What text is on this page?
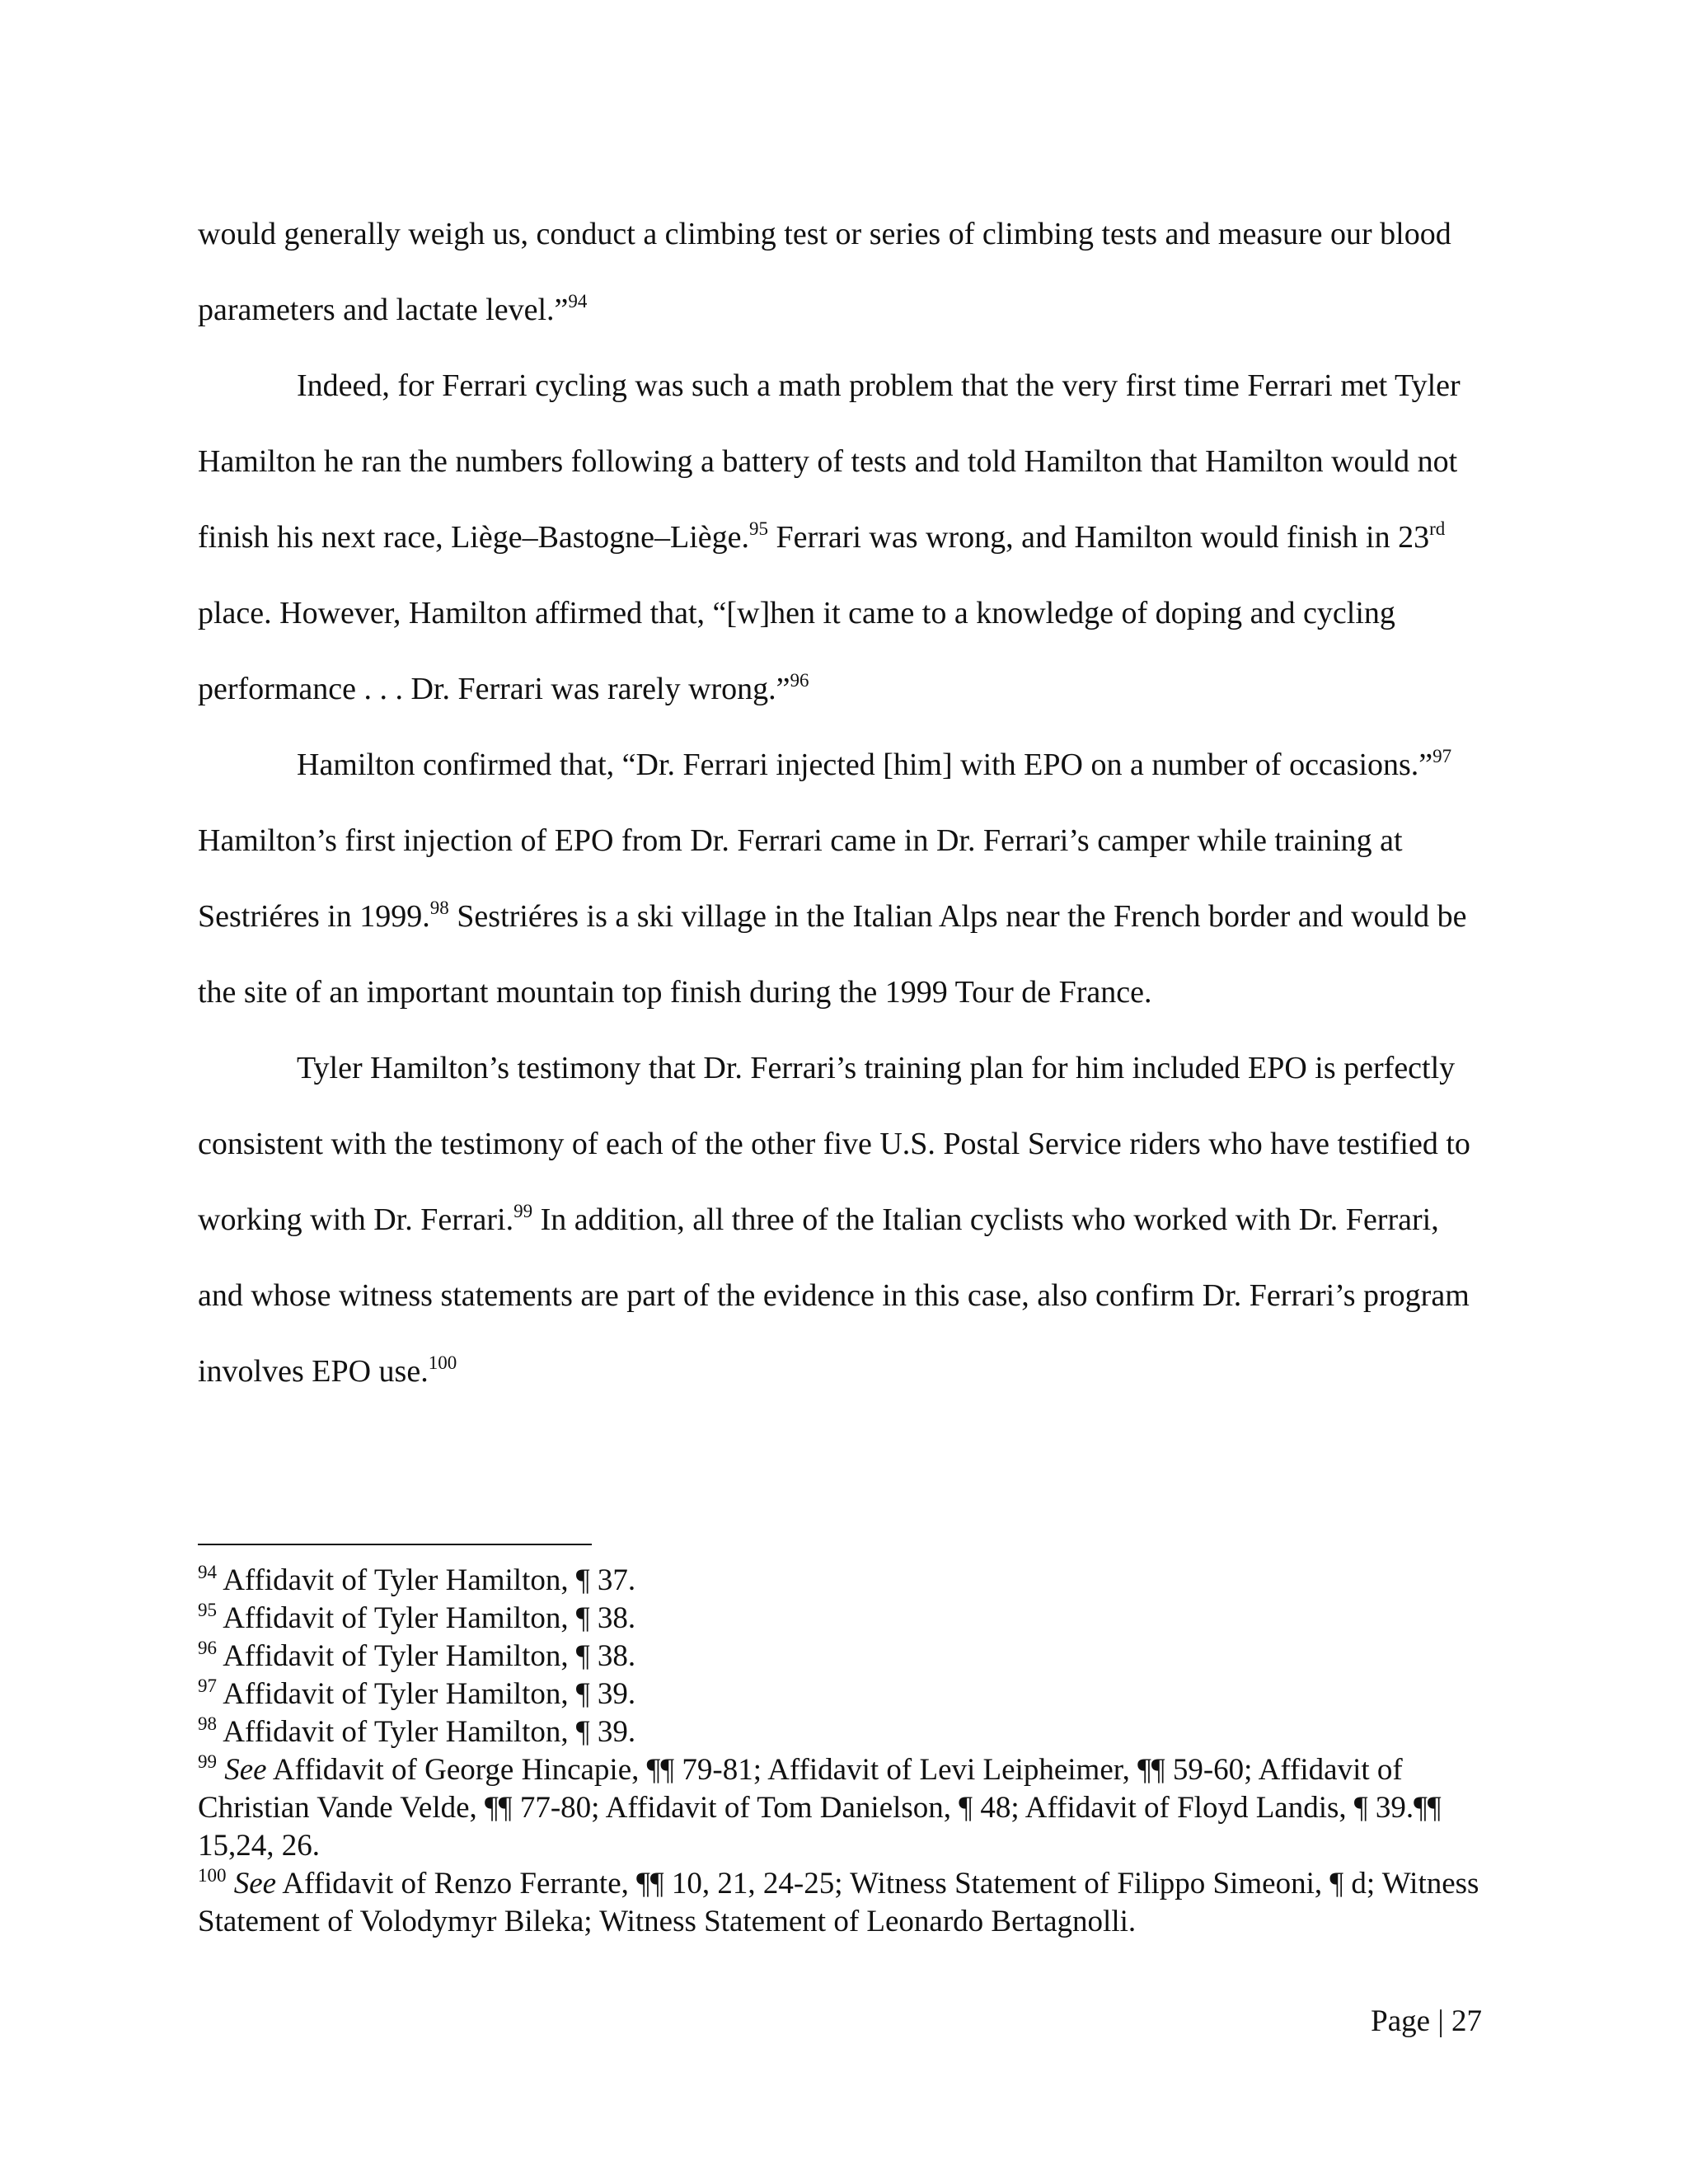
would generally weigh us, conduct a climbing test or series of climbing tests and measure our blood parameters and lactate level.”$^{94}$

Indeed, for Ferrari cycling was such a math problem that the very first time Ferrari met Tyler Hamilton he ran the numbers following a battery of tests and told Hamilton that Hamilton would not finish his next race, Liège–Bastogne–Liège.$^{95}$ Ferrari was wrong, and Hamilton would finish in 23rd place. However, Hamilton affirmed that, “[w]hen it came to a knowledge of doping and cycling performance . . . Dr. Ferrari was rarely wrong.”$^{96}$

Hamilton confirmed that, “Dr. Ferrari injected [him] with EPO on a number of occasions.”$^{97}$ Hamilton’s first injection of EPO from Dr. Ferrari came in Dr. Ferrari’s camper while training at Sestriéres in 1999.98 Sestriéres is a ski village in the Italian Alps near the French border and would be the site of an important mountain top finish during the 1999 Tour de France.

Tyler Hamilton’s testimony that Dr. Ferrari’s training plan for him included EPO is perfectly consistent with the testimony of each of the other five U.S. Postal Service riders who have testified to working with Dr. Ferrari.$^{99}$ In addition, all three of the Italian cyclists who worked with Dr. Ferrari, and whose witness statements are part of the evidence in this case, also confirm Dr. Ferrari’s program involves EPO use.$^{100}$

$^{94}$ Affidavit of Tyler Hamilton, ¶ 37.
$^{95}$ Affidavit of Tyler Hamilton, ¶ 38.
$^{96}$ Affidavit of Tyler Hamilton, ¶ 38.
$^{97}$ Affidavit of Tyler Hamilton, ¶ 39.
$^{98}$ Affidavit of Tyler Hamilton, ¶ 39.
$^{99}$ See Affidavit of George Hincapie, ¶¶ 79-81; Affidavit of Levi Leipheimer, ¶¶ 59-60; Affidavit of Christian Vande Velde, ¶¶ 77-80; Affidavit of Tom Danielson, ¶ 48; Affidavit of Floyd Landis, ¶ 39.¶¶ 15,24, 26.
$^{100}$ See Affidavit of Renzo Ferrante, ¶¶ 10, 21, 24-25; Witness Statement of Filippo Simeoni, ¶ d; Witness Statement of Volodymyr Bileka; Witness Statement of Leonardo Bertagnolli.
Page | 27
